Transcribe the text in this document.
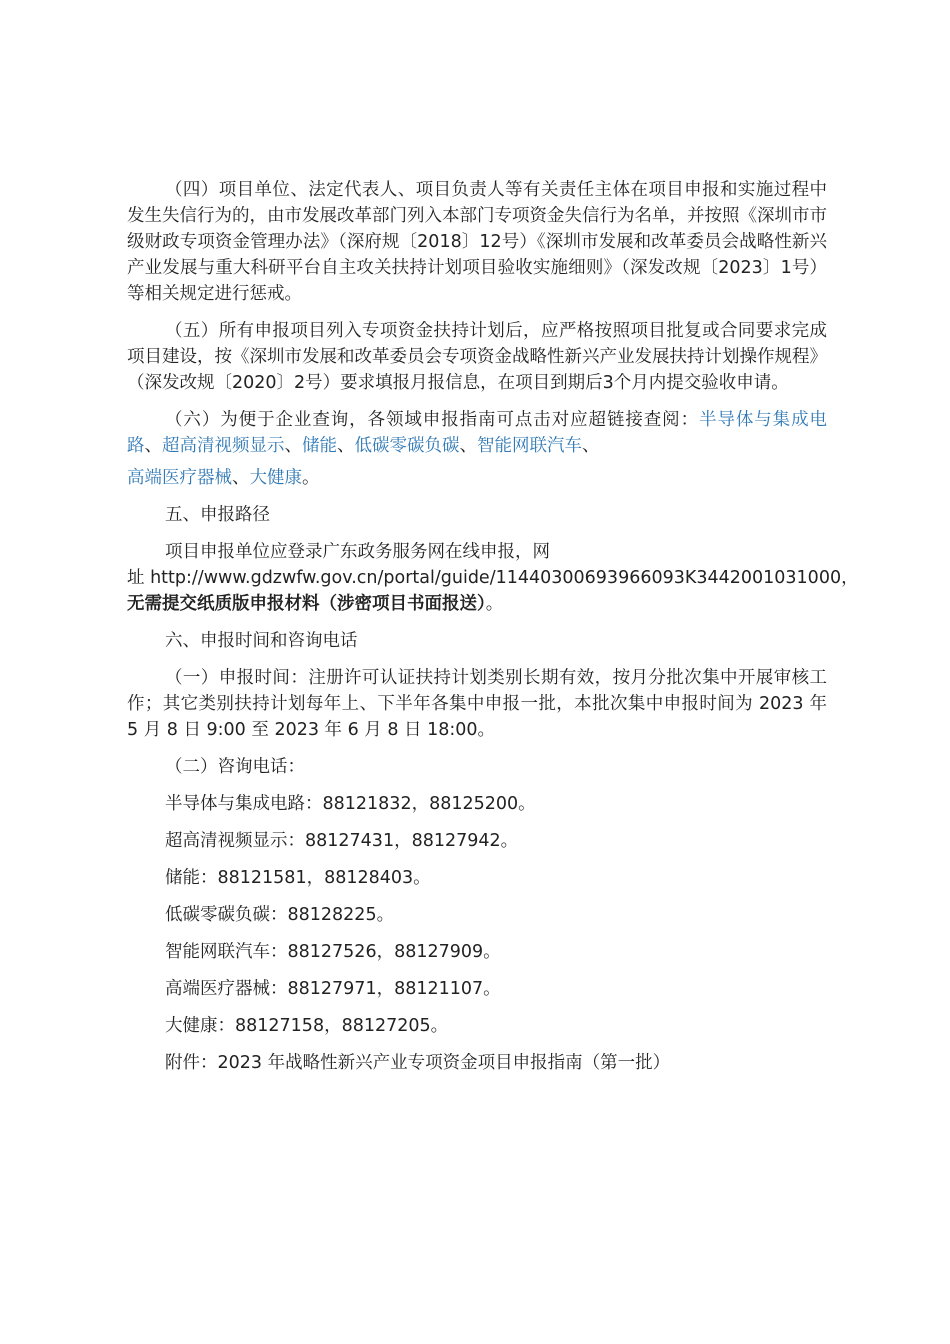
（四）项目单位、法定代表人、项目负责人等有关责任主体在项目申报和实施过程中发生失信行为的，由市发展改革部门列入本部门专项资金失信行为名单，并按照《深圳市市级财政专项资金管理办法》（深府规〔2018〕12号）《深圳市发展和改革委员会战略性新兴产业发展与重大科研平台自主攻关扶持计划项目验收实施细则》（深发改规〔2023〕1号）等相关规定进行惩戒。

（五）所有申报项目列入专项资金扶持计划后，应严格按照项目批复或合同要求完成项目建设，按《深圳市发展和改革委员会专项资金战略性新兴产业发展扶持计划操作规程》（深发改规〔2020〕2号）要求填报月报信息，在项目到期后3个月内提交验收申请。

（六）为便于企业查询，各领域申报指南可点击对应超链接查阅：半导体与集成电路、超高清视频显示、储能、低碳零碳负碳、智能网联汽车、

高端医疗器械、大健康。

五、申报路径

项目申报单位应登录广东政务服务网在线申报，网
址 http://www.gdzwfw.gov.cn/portal/guide/11440300693966093K3442001031000，
无需提交纸质版申报材料（涉密项目书面报送）。

六、申报时间和咨询电话

（一）申报时间：注册许可认证扶持计划类别长期有效，按月分批次集中开展审核工作；其它类别扶持计划每年上、下半年各集中申报一批，本批次集中申报时间为 2023 年 5 月 8 日 9:00 至 2023 年 6 月 8 日 18:00。

（二）咨询电话：

半导体与集成电路：88121832，88125200。

超高清视频显示：88127431，88127942。

储能：88121581，88128403。

低碳零碳负碳：88128225。

智能网联汽车：88127526，88127909。

高端医疗器械：88127971，88121107。

大健康：88127158，88127205。

附件：2023 年战略性新兴产业专项资金项目申报指南（第一批）
